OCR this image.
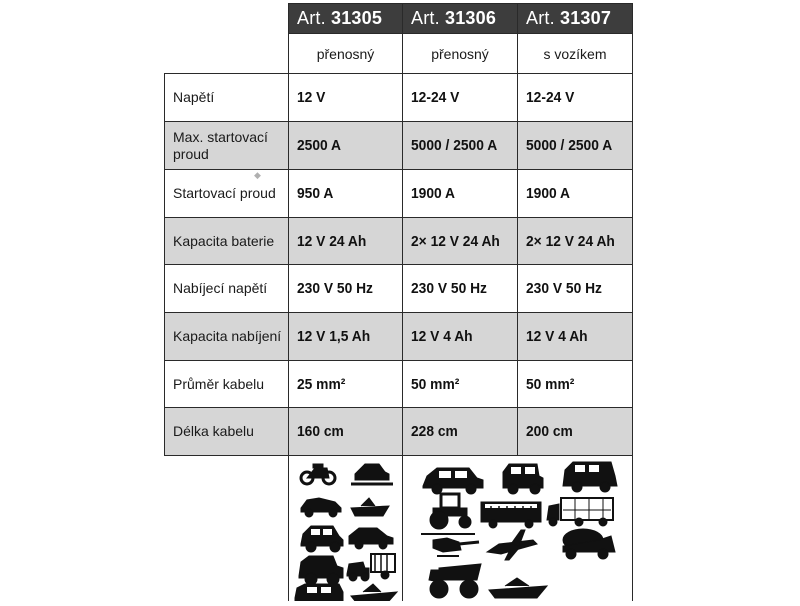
	Art. 31305	Art. 31306	Art. 31307
	přenosný	přenosný	s vozíkem
Napětí	12 V	12-24 V	12-24 V
Max. startovací proud	2500 A	5000 / 2500 A	5000 / 2500 A
Startovací proud	950 A	1900 A	1900 A
Kapacita baterie	12 V 24 Ah	2× 12 V 24 Ah	2× 12 V 24 Ah
Nabíjecí napětí	230 V 50 Hz	230 V 50 Hz	230 V 50 Hz
Kapacita nabíjení	12 V 1,5 Ah	12 V 4 Ah	12 V 4 Ah
Průměr kabelu	25 mm²	50 mm²	50 mm²
Délka kabelu	160 cm	228 cm	200 cm
◆
